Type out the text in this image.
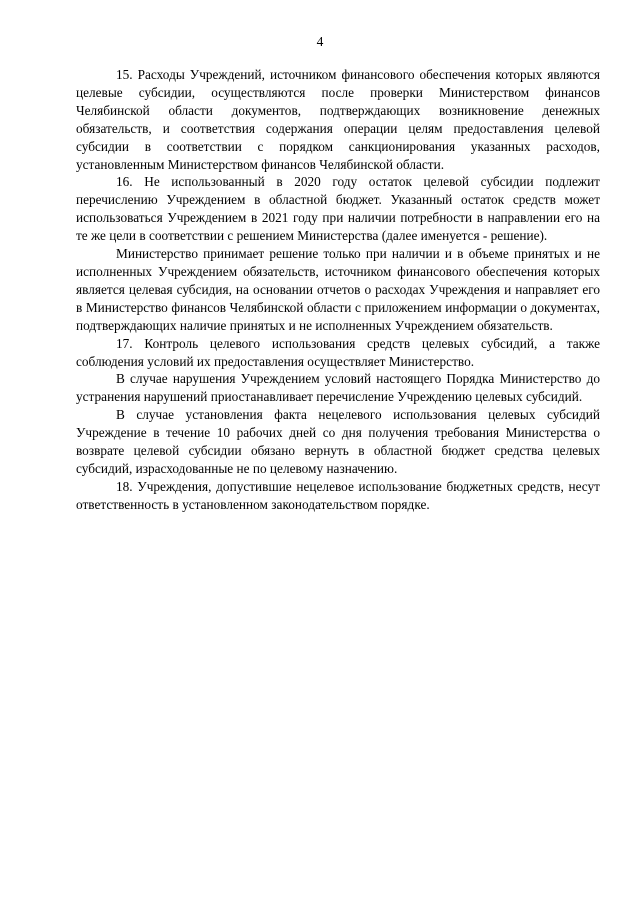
4

15. Расходы Учреждений, источником финансового обеспечения которых являются целевые субсидии, осуществляются после проверки Министерством финансов Челябинской области документов, подтверждающих возникновение денежных обязательств, и соответствия содержания операции целям предоставления целевой субсидии в соответствии с порядком санкционирования указанных расходов, установленным Министерством финансов Челябинской области.

16. Не использованный в 2020 году остаток целевой субсидии подлежит перечислению Учреждением в областной бюджет. Указанный остаток средств может использоваться Учреждением в 2021 году при наличии потребности в направлении его на те же цели в соответствии с решением Министерства (далее именуется - решение).

Министерство принимает решение только при наличии и в объеме принятых и не исполненных Учреждением обязательств, источником финансового обеспечения которых является целевая субсидия, на основании отчетов о расходах Учреждения и направляет его в Министерство финансов Челябинской области с приложением информации о документах, подтверждающих наличие принятых и не исполненных Учреждением обязательств.

17. Контроль целевого использования средств целевых субсидий, а также соблюдения условий их предоставления осуществляет Министерство.

В случае нарушения Учреждением условий настоящего Порядка Министерство до устранения нарушений приостанавливает перечисление Учреждению целевых субсидий.

В случае установления факта нецелевого использования целевых субсидий Учреждение в течение 10 рабочих дней со дня получения требования Министерства о возврате целевой субсидии обязано вернуть в областной бюджет средства целевых субсидий, израсходованные не по целевому назначению.

18. Учреждения, допустившие нецелевое использование бюджетных средств, несут ответственность в установленном законодательством порядке.
